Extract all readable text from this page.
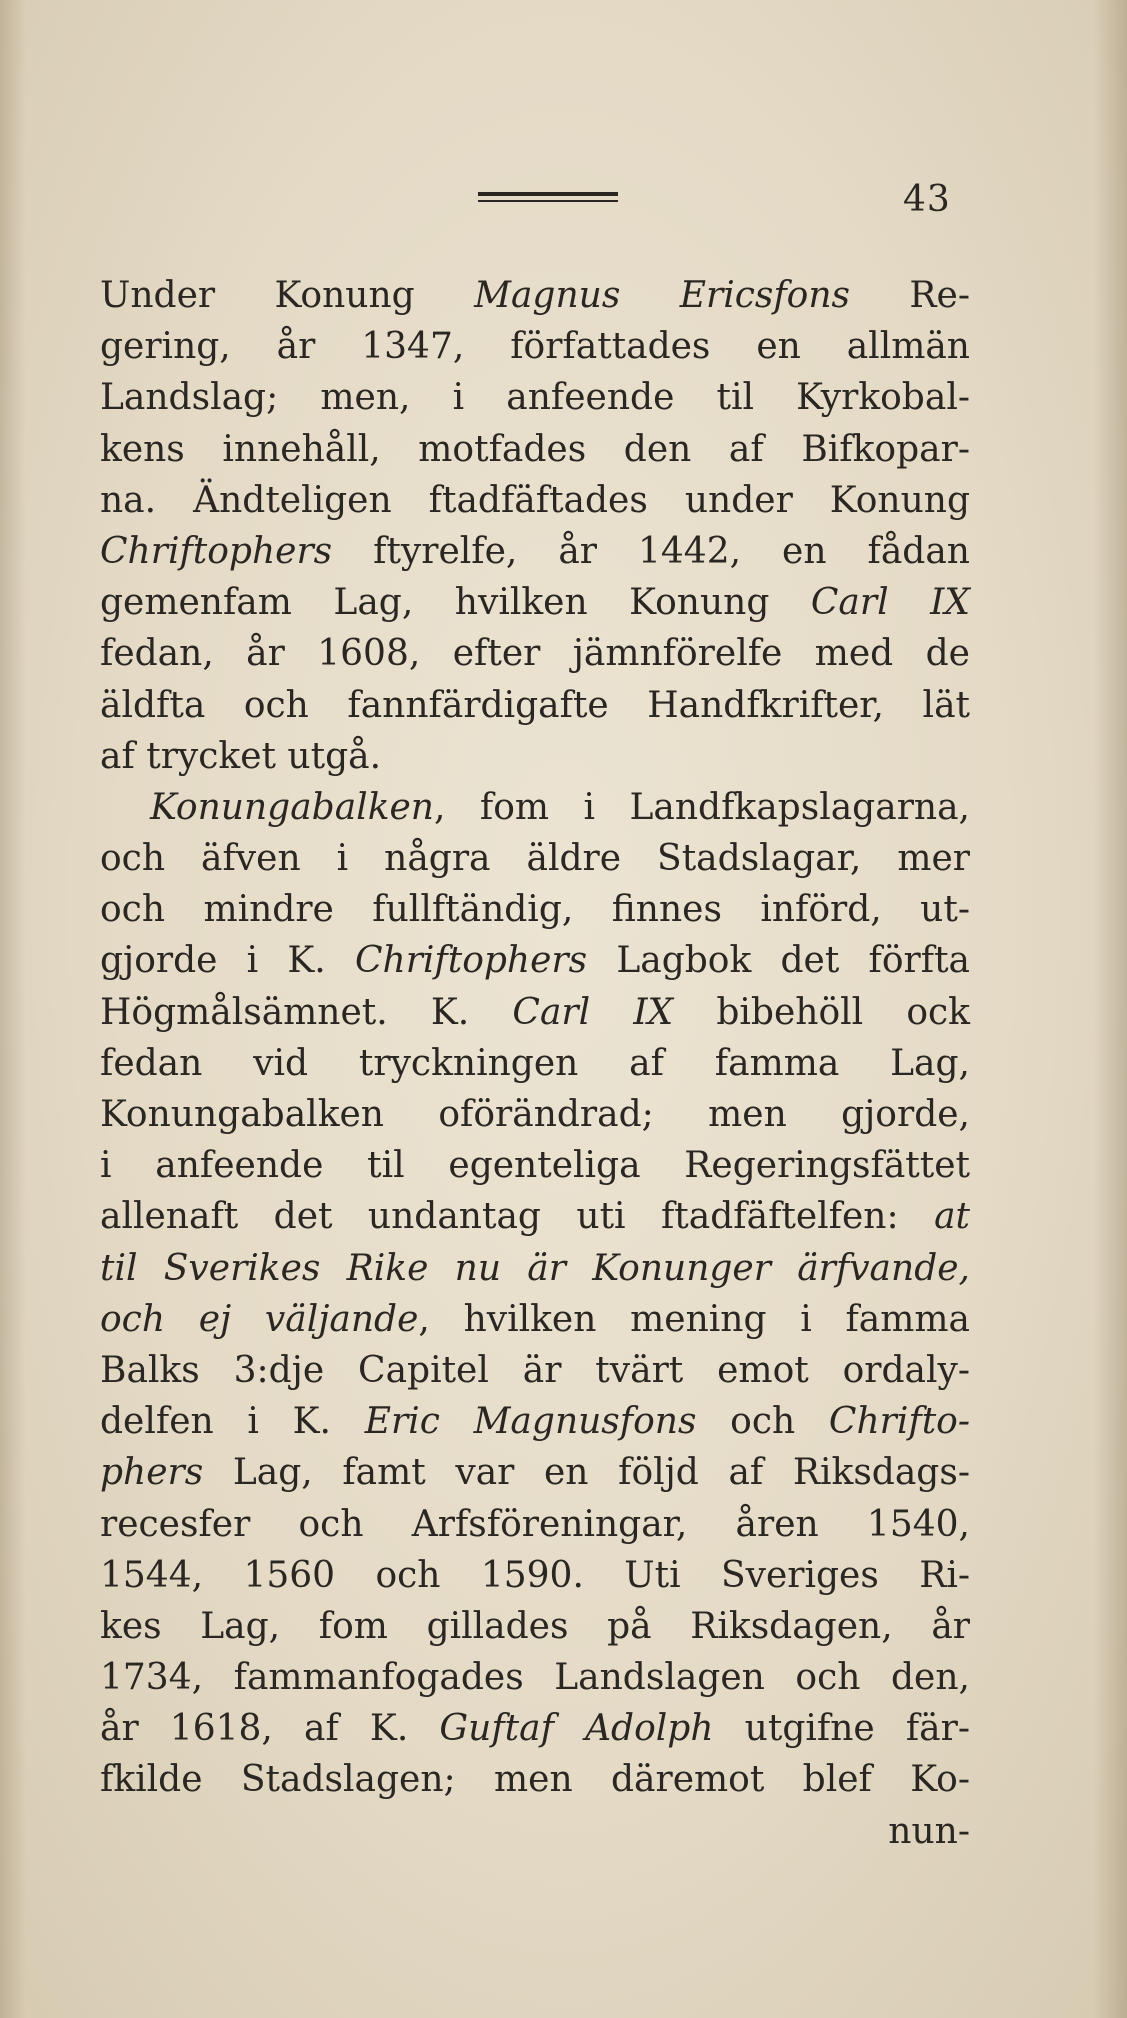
43
Under Konung Magnus Ericsfons Re-
gering, år 1347, författades en allmän
Landslag; men, i anfeende til Kyrkobal-
kens innehåll, motfades den af Bifkopar-
na. Ändteligen ftadfäftades under Konung
Chriftophers ftyrelfe, år 1442, en fådan
gemenfam Lag, hvilken Konung Carl IX
fedan, år 1608, efter jämnförelfe med de
äldfta och fannfärdigafte Handfkrifter, lät
af trycket utgå.
Konungabalken, fom i Landfkapslagarna,
och äfven i några äldre Stadslagar, mer
och mindre fullftändig, finnes införd, ut-
gjorde i K. Chriftophers Lagbok det förfta
Högmålsämnet. K. Carl IX bibehöll ock
fedan vid tryckningen af famma Lag,
Konungabalken oförändrad; men gjorde,
i anfeende til egenteliga Regeringsfättet
allenaft det undantag uti ftadfäftelfen: at
til Sverikes Rike nu är Konunger ärfvande,
och ej väljande, hvilken mening i famma
Balks 3:dje Capitel är tvärt emot ordaly-
delfen i K. Eric Magnusfons och Chrifto-
phers Lag, famt var en följd af Riksdags-
recesfer och Arfsföreningar, åren 1540,
1544, 1560 och 1590. Uti Sveriges Ri-
kes Lag, fom gillades på Riksdagen, år
1734, fammanfogades Landslagen och den,
år 1618, af K. Guftaf Adolph utgifne fär-
fkilde Stadslagen; men däremot blef Ko-
nun-
